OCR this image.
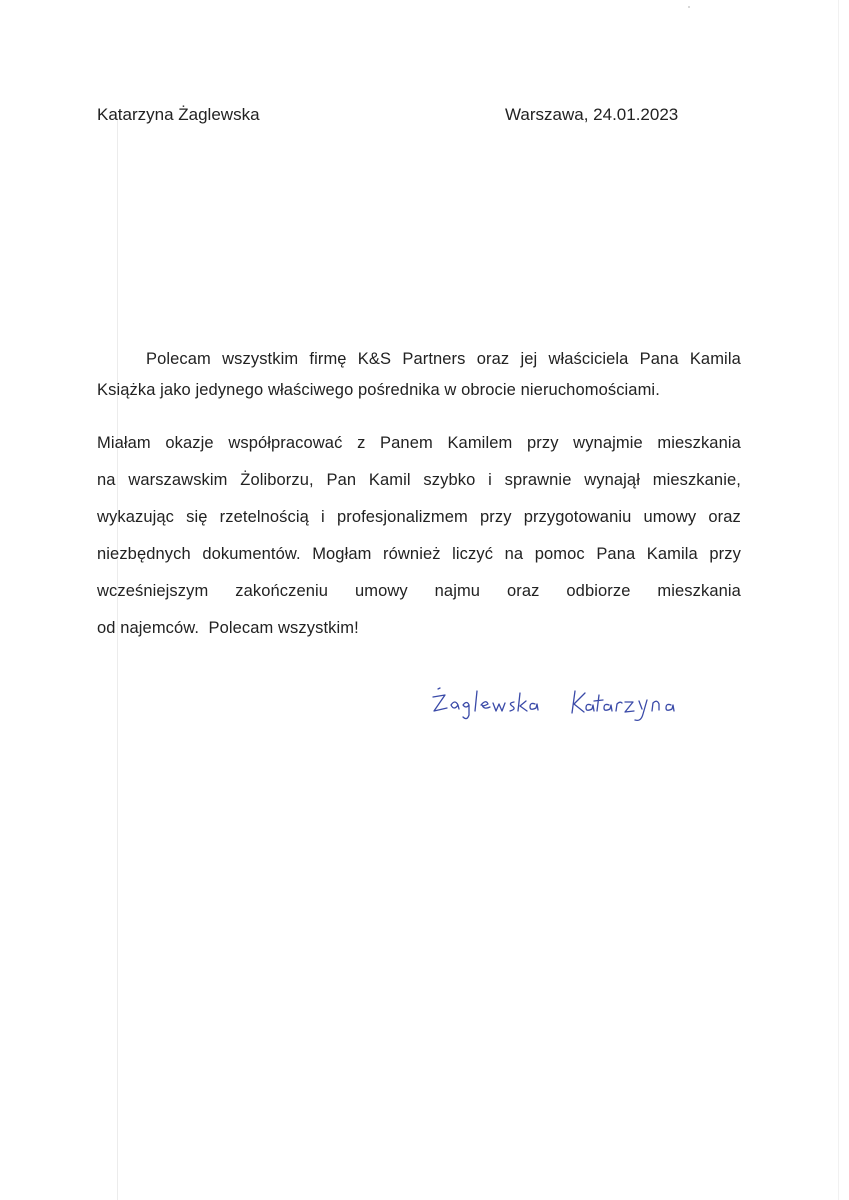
Katarzyna Żaglewska	Warszawa, 24.01.2023
Polecam wszystkim firmę K&S Partners oraz jej właściciela Pana Kamila
Książka jako jedynego właściwego pośrednika w obrocie nieruchomościami.
Miałam okazje współpracować z Panem Kamilem przy wynajmie mieszkania
na warszawskim Żoliborzu, Pan Kamil szybko i sprawnie wynajął mieszkanie,
wykazując się rzetelnością i profesjonalizmem przy przygotowaniu umowy oraz
niezbędnych dokumentów. Mogłam również liczyć na pomoc Pana Kamila przy
wcześniejszym zakończeniu umowy najmu oraz odbiorze mieszkania
od najemców.  Polecam wszystkim!
